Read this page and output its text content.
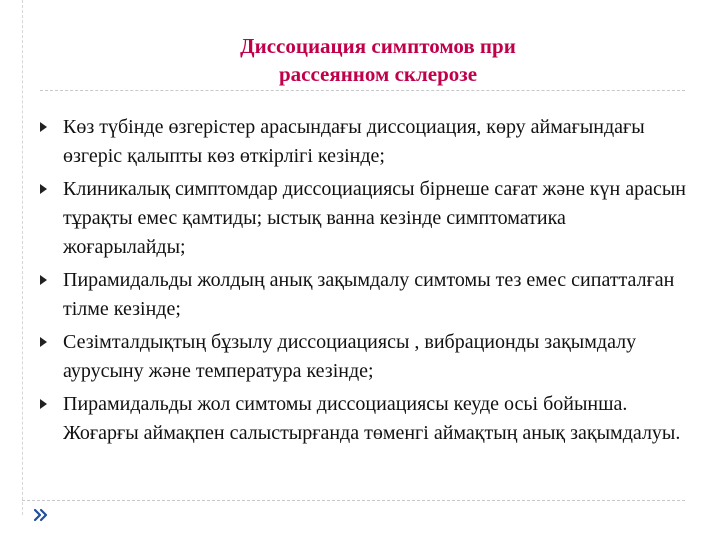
Диссоциация симптомов при
рассеянном склерозе
Көз түбінде өзгерістер арасындағы диссоциация, көру аймағындағы өзгеріс қалыпты көз өткірлігі кезінде;
Клиникалық симптомдар диссоциациясы бірнеше сағат және күн арасын тұрақты емес қамтиды; ыстық ванна кезінде симптоматика жоғарылайды;
Пирамидальды жолдың анық зақымдалу симтомы тез емес сипатталған тілме кезінде;
Сезімталдықтың бұзылу диссоциациясы , вибрационды зақымдалу аурусыну және температура кезінде;
Пирамидальды жол симтомы диссоциациясы кеуде осьі бойынша. Жоғарғы аймақпен салыстырғанда төменгі аймақтың анық зақымдалуы.
